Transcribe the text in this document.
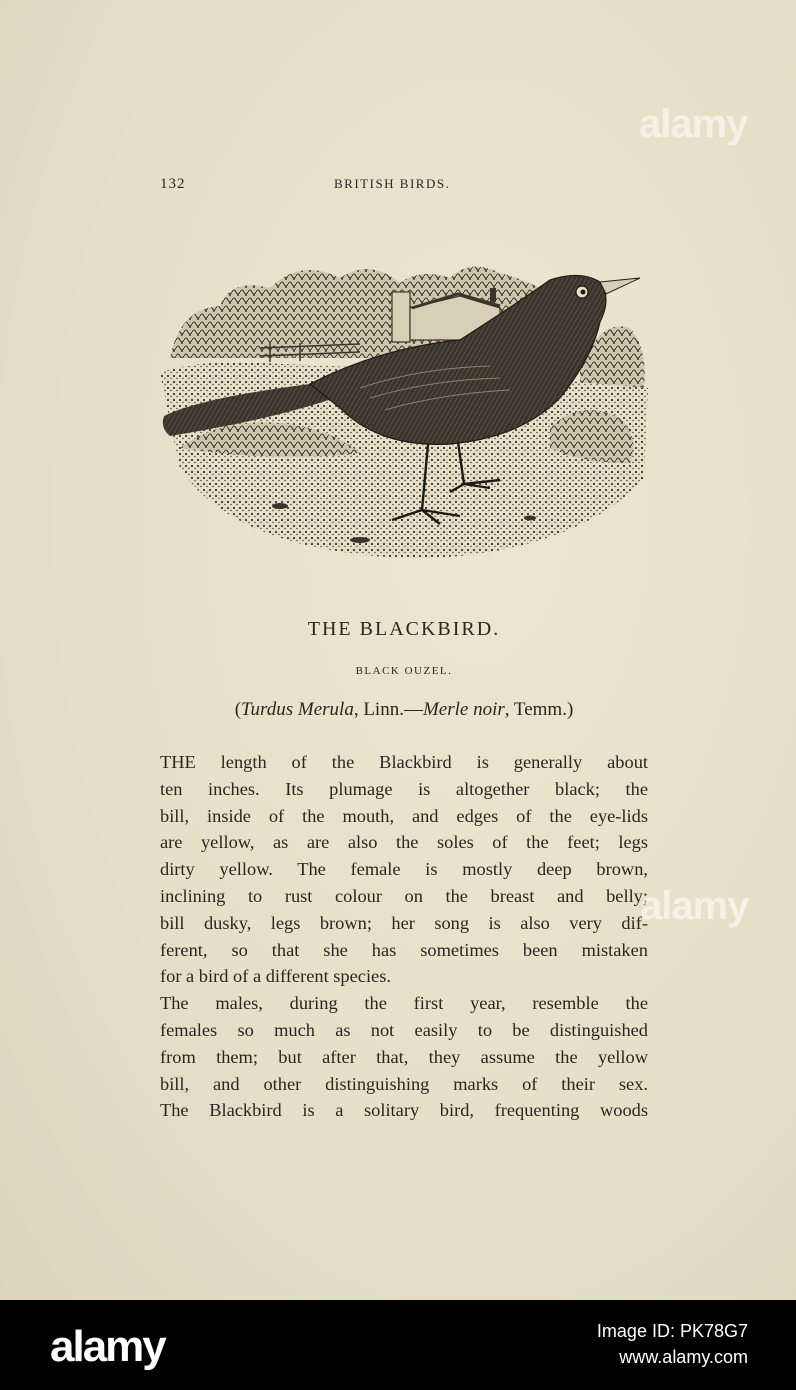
132	BRITISH BIRDS.
THE BLACKBIRD.
BLACK OUZEL.
(Turdus Merula, Linn.—Merle noir, Temm.)

THE length of the Blackbird is generally about
ten inches. Its plumage is altogether black; the
bill, inside of the mouth, and edges of the eye-lids
are yellow, as are also the soles of the feet; legs
dirty yellow. The female is mostly deep brown,
inclining to rust colour on the breast and belly;
bill dusky, legs brown; her song is also very dif-
ferent, so that she has sometimes been mistaken
for a bird of a different species.

The males, during the first year, resemble the
females so much as not easily to be distinguished
from them; but after that, they assume the yellow
bill, and other distinguishing marks of their sex.
The Blackbird is a solitary bird, frequenting woods

alamy
alamy
alamy	Image ID: PK78G7
www.alamy.com
